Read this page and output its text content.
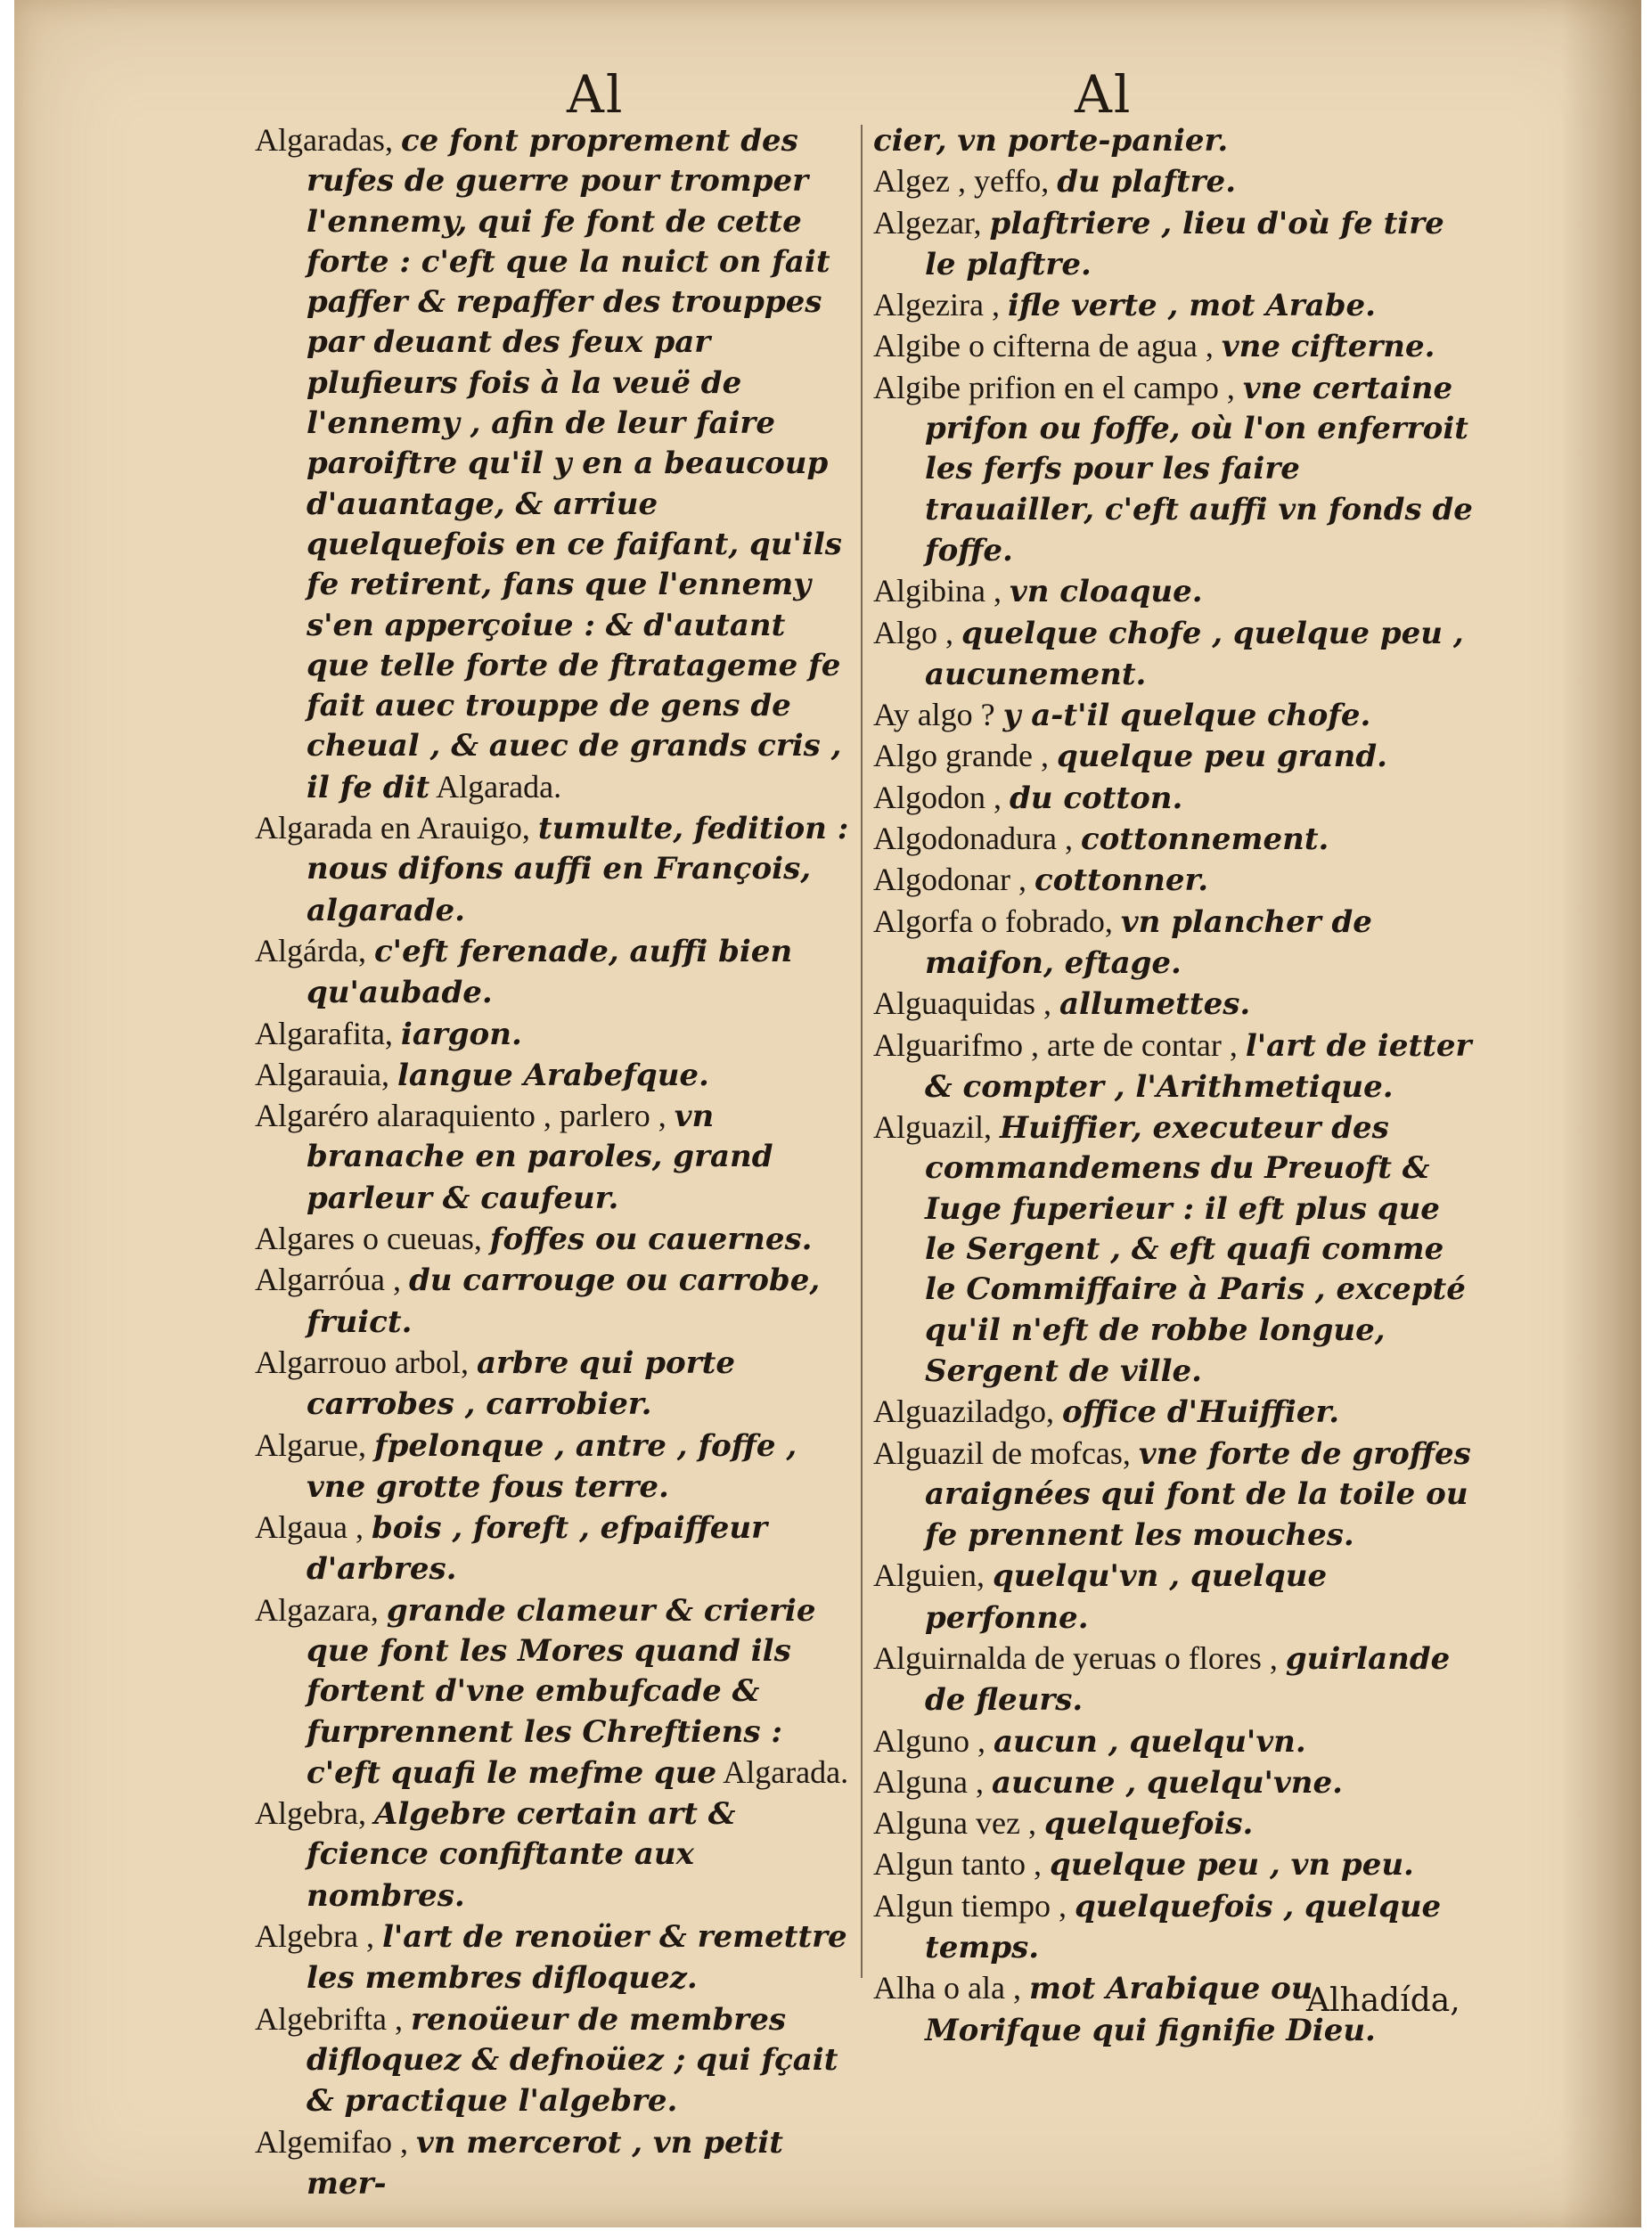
Al	Al

Algaradas, ce font proprement des rufes de guerre pour tromper l'ennemy, qui fe font de cette forte : c'eft que la nuict on fait paffer & repaffer des trouppes par deuant des feux par plufieurs fois à la veuë de l'ennemy , afin de leur faire paroiftre qu'il y en a beaucoup d'auantage, & arriue quelquefois en ce faifant, qu'ils fe retirent, fans que l'ennemy s'en apperçoiue : & d'autant que telle forte de ftratageme fe fait auec trouppe de gens de cheual , & auec de grands cris , il fe dit Algarada.

Algarada en Arauigo, tumulte, fedition : nous difons auffi en François, algarade.

Algárda, c'eft ferenade, auffi bien qu'aubade.

Algarafita, iargon.

Algarauia, langue Arabefque.

Algaréro alaraquiento , parlero , vn branache en paroles, grand parleur & caufeur.

Algares o cueuas, foffes ou cauernes.

Algarróua , du carrouge ou carrobe, fruict.

Algarrouo arbol, arbre qui porte carrobes , carrobier.

Algarue, fpelonque , antre , foffe , vne grotte fous terre.

Algaua , bois , foreft , efpaiffeur d'arbres.

Algazara, grande clameur & crierie que font les Mores quand ils fortent d'vne embufcade & furprennent les Chreftiens : c'eft quafi le mefme que Algarada.

Algebra, Algebre certain art & fcience confiftante aux nombres.

Algebra , l'art de renoüer & remettre les membres difloquez.

Algebrifta , renoüeur de membres difloquez & defnoüez ; qui fçait & practique l'algebre.

Algemifao , vn mercerot , vn petit mer-

cier, vn porte-panier.

Algez , yeffo, du plaftre.

Algezar, plaftriere , lieu d'où fe tire le plaftre.

Algezira , ifle verte , mot Arabe.

Algibe o cifterna de agua , vne cifterne.

Algibe prifion en el campo , vne certaine prifon ou foffe, où l'on enferroit les ferfs pour les faire trauailler, c'eft auffi vn fonds de foffe.

Algibina , vn cloaque.

Algo , quelque chofe , quelque peu , aucunement.

Ay algo ? y a-t'il quelque chofe.

Algo grande , quelque peu grand.

Algodon , du cotton.

Algodonadura , cottonnement.

Algodonar , cottonner.

Algorfa o fobrado, vn plancher de maifon, eftage.

Alguaquidas , allumettes.

Alguarifmo , arte de contar , l'art de ietter & compter , l'Arithmetique.

Alguazil, Huiffier, executeur des commandemens du Preuoft & Iuge fuperieur : il eft plus que le Sergent , & eft quafi comme le Commiffaire à Paris , excepté qu'il n'eft de robbe longue, Sergent de ville.

Alguaziladgo, office d'Huiffier.

Alguazil de mofcas, vne forte de groffes araignées qui font de la toile ou fe prennent les mouches.

Alguien, quelqu'vn , quelque perfonne.

Alguirnalda de yeruas o flores , guirlande de fleurs.

Alguno , aucun , quelqu'vn.

Alguna , aucune , quelqu'vne.

Alguna vez , quelquefois.

Algun tanto , quelque peu , vn peu.

Algun tiempo , quelquefois , quelque temps.

Alha o ala , mot Arabique ou Morifque qui fignifie Dieu.

Alhadída,
